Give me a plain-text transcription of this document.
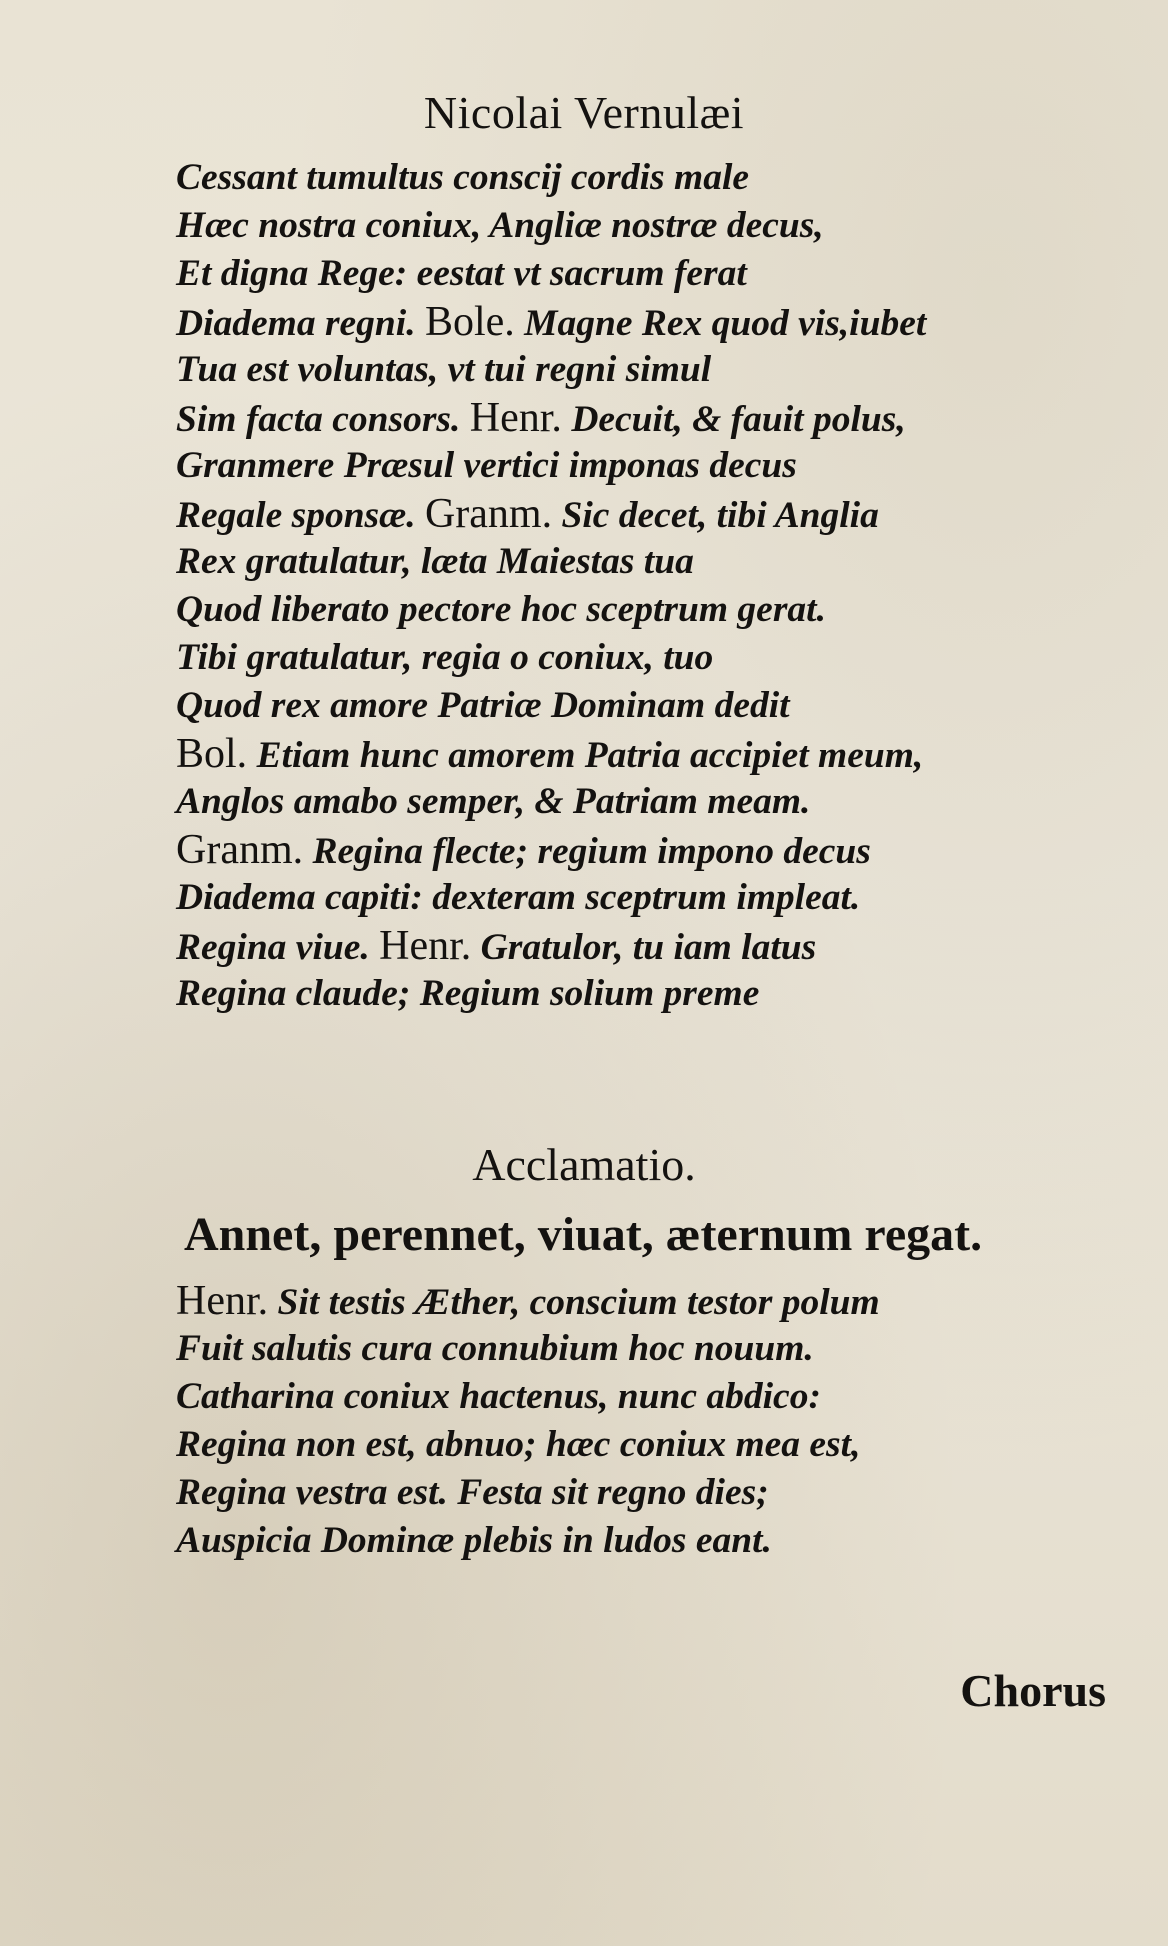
Nicolai Vernulæi
Cessant tumultus conscij cordis male
Hæc nostra coniux, Angliæ nostræ decus,
Et digna Rege: eestat vt sacrum ferat
Diadema regni. Bole. Magne Rex quod vis,iubet
Tua est voluntas, vt tui regni simul
Sim facta consors. Henr. Decuit, & fauit polus,
Granmere Præsul vertici imponas decus
Regale sponsæ. Granm. Sic decet, tibi Anglia
Rex gratulatur, læta Maiestas tua
Quod liberato pectore hoc sceptrum gerat.
Tibi gratulatur, regia o coniux, tuo
Quod rex amore Patriæ Dominam dedit
Bol. Etiam hunc amorem Patria accipiet meum,
Anglos amabo semper, & Patriam meam.
Granm. Regina flecte; regium impono decus
Diadema capiti: dexteram sceptrum impleat.
Regina viue. Henr. Gratulor, tu iam latus
Regina claude; Regium solium preme
Acclamatio.
Annet, perennet, viuat, æternum regat.
Henr. Sit testis Æther, conscium testor polum
Fuit salutis cura connubium hoc nouum.
Catharina coniux hactenus, nunc abdico:
Regina non est, abnuo; hæc coniux mea est,
Regina vestra est. Festa sit regno dies;
Auspicia Dominæ plebis in ludos eant.
Chorus
